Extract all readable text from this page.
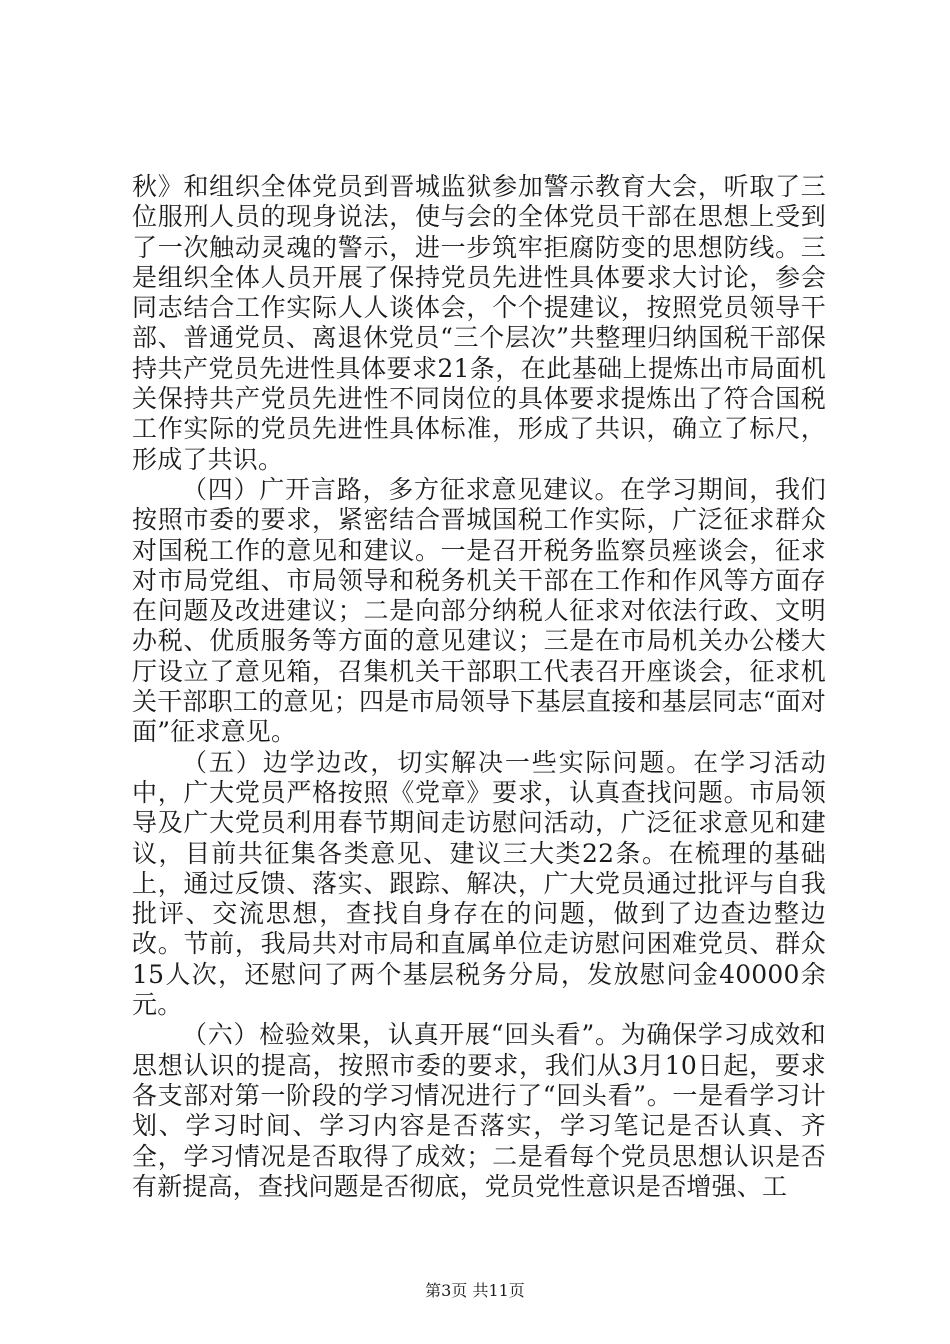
秋》和组织全体党员到晋城监狱参加警示教育大会，听取了三位服刑人员的现身说法，使与会的全体党员干部在思想上受到了一次触动灵魂的警示，进一步筑牢拒腐防变的思想防线。三是组织全体人员开展了保持党员先进性具体要求大讨论，参会同志结合工作实际人人谈体会，个个提建议，按照党员领导干部、普通党员、离退休党员“三个层次”共整理归纳国税干部保持共产党员先进性具体要求21条，在此基础上提炼出市局面机关保持共产党员先进性不同岗位的具体要求提炼出了符合国税工作实际的党员先进性具体标准，形成了共识，确立了标尺，形成了共识。

（四）广开言路，多方征求意见建议。在学习期间，我们按照市委的要求，紧密结合晋城国税工作实际，广泛征求群众对国税工作的意见和建议。一是召开税务监察员痤谈会，征求对市局党组、市局领导和税务机关干部在工作和作风等方面存在问题及改进建议；二是向部分纳税人征求对依法行政、文明办税、优质服务等方面的意见建议；三是在市局机关办公楼大厅设立了意见箱，召集机关干部职工代表召开座谈会，征求机关干部职工的意见；四是市局领导下基层直接和基层同志“面对面”征求意见。

（五）边学边改，切实解决一些实际问题。在学习活动中，广大党员严格按照《党章》要求，认真查找问题。市局领导及广大党员利用春节期间走访慰问活动，广泛征求意见和建议，目前共征集各类意见、建议三大类22条。在梳理的基础上，通过反馈、落实、跟踪、解决，广大党员通过批评与自我批评、交流思想，查找自身存在的问题，做到了边查边整边改。节前，我局共对市局和直属单位走访慰问困难党员、群众15人次，还慰问了两个基层税务分局，发放慰问金40000余元。

（六）检验效果，认真开展“回头看”。为确保学习成效和思想认识的提高，按照市委的要求，我们从3月10日起，要求各支部对第一阶段的学习情况进行了“回头看”。一是看学习计划、学习时间、学习内容是否落实，学习笔记是否认真、齐全，学习情况是否取得了成效；二是看每个党员思想认识是否有新提高，查找问题是否彻底，党员党性意识是否增强、工

第3页 共11页
